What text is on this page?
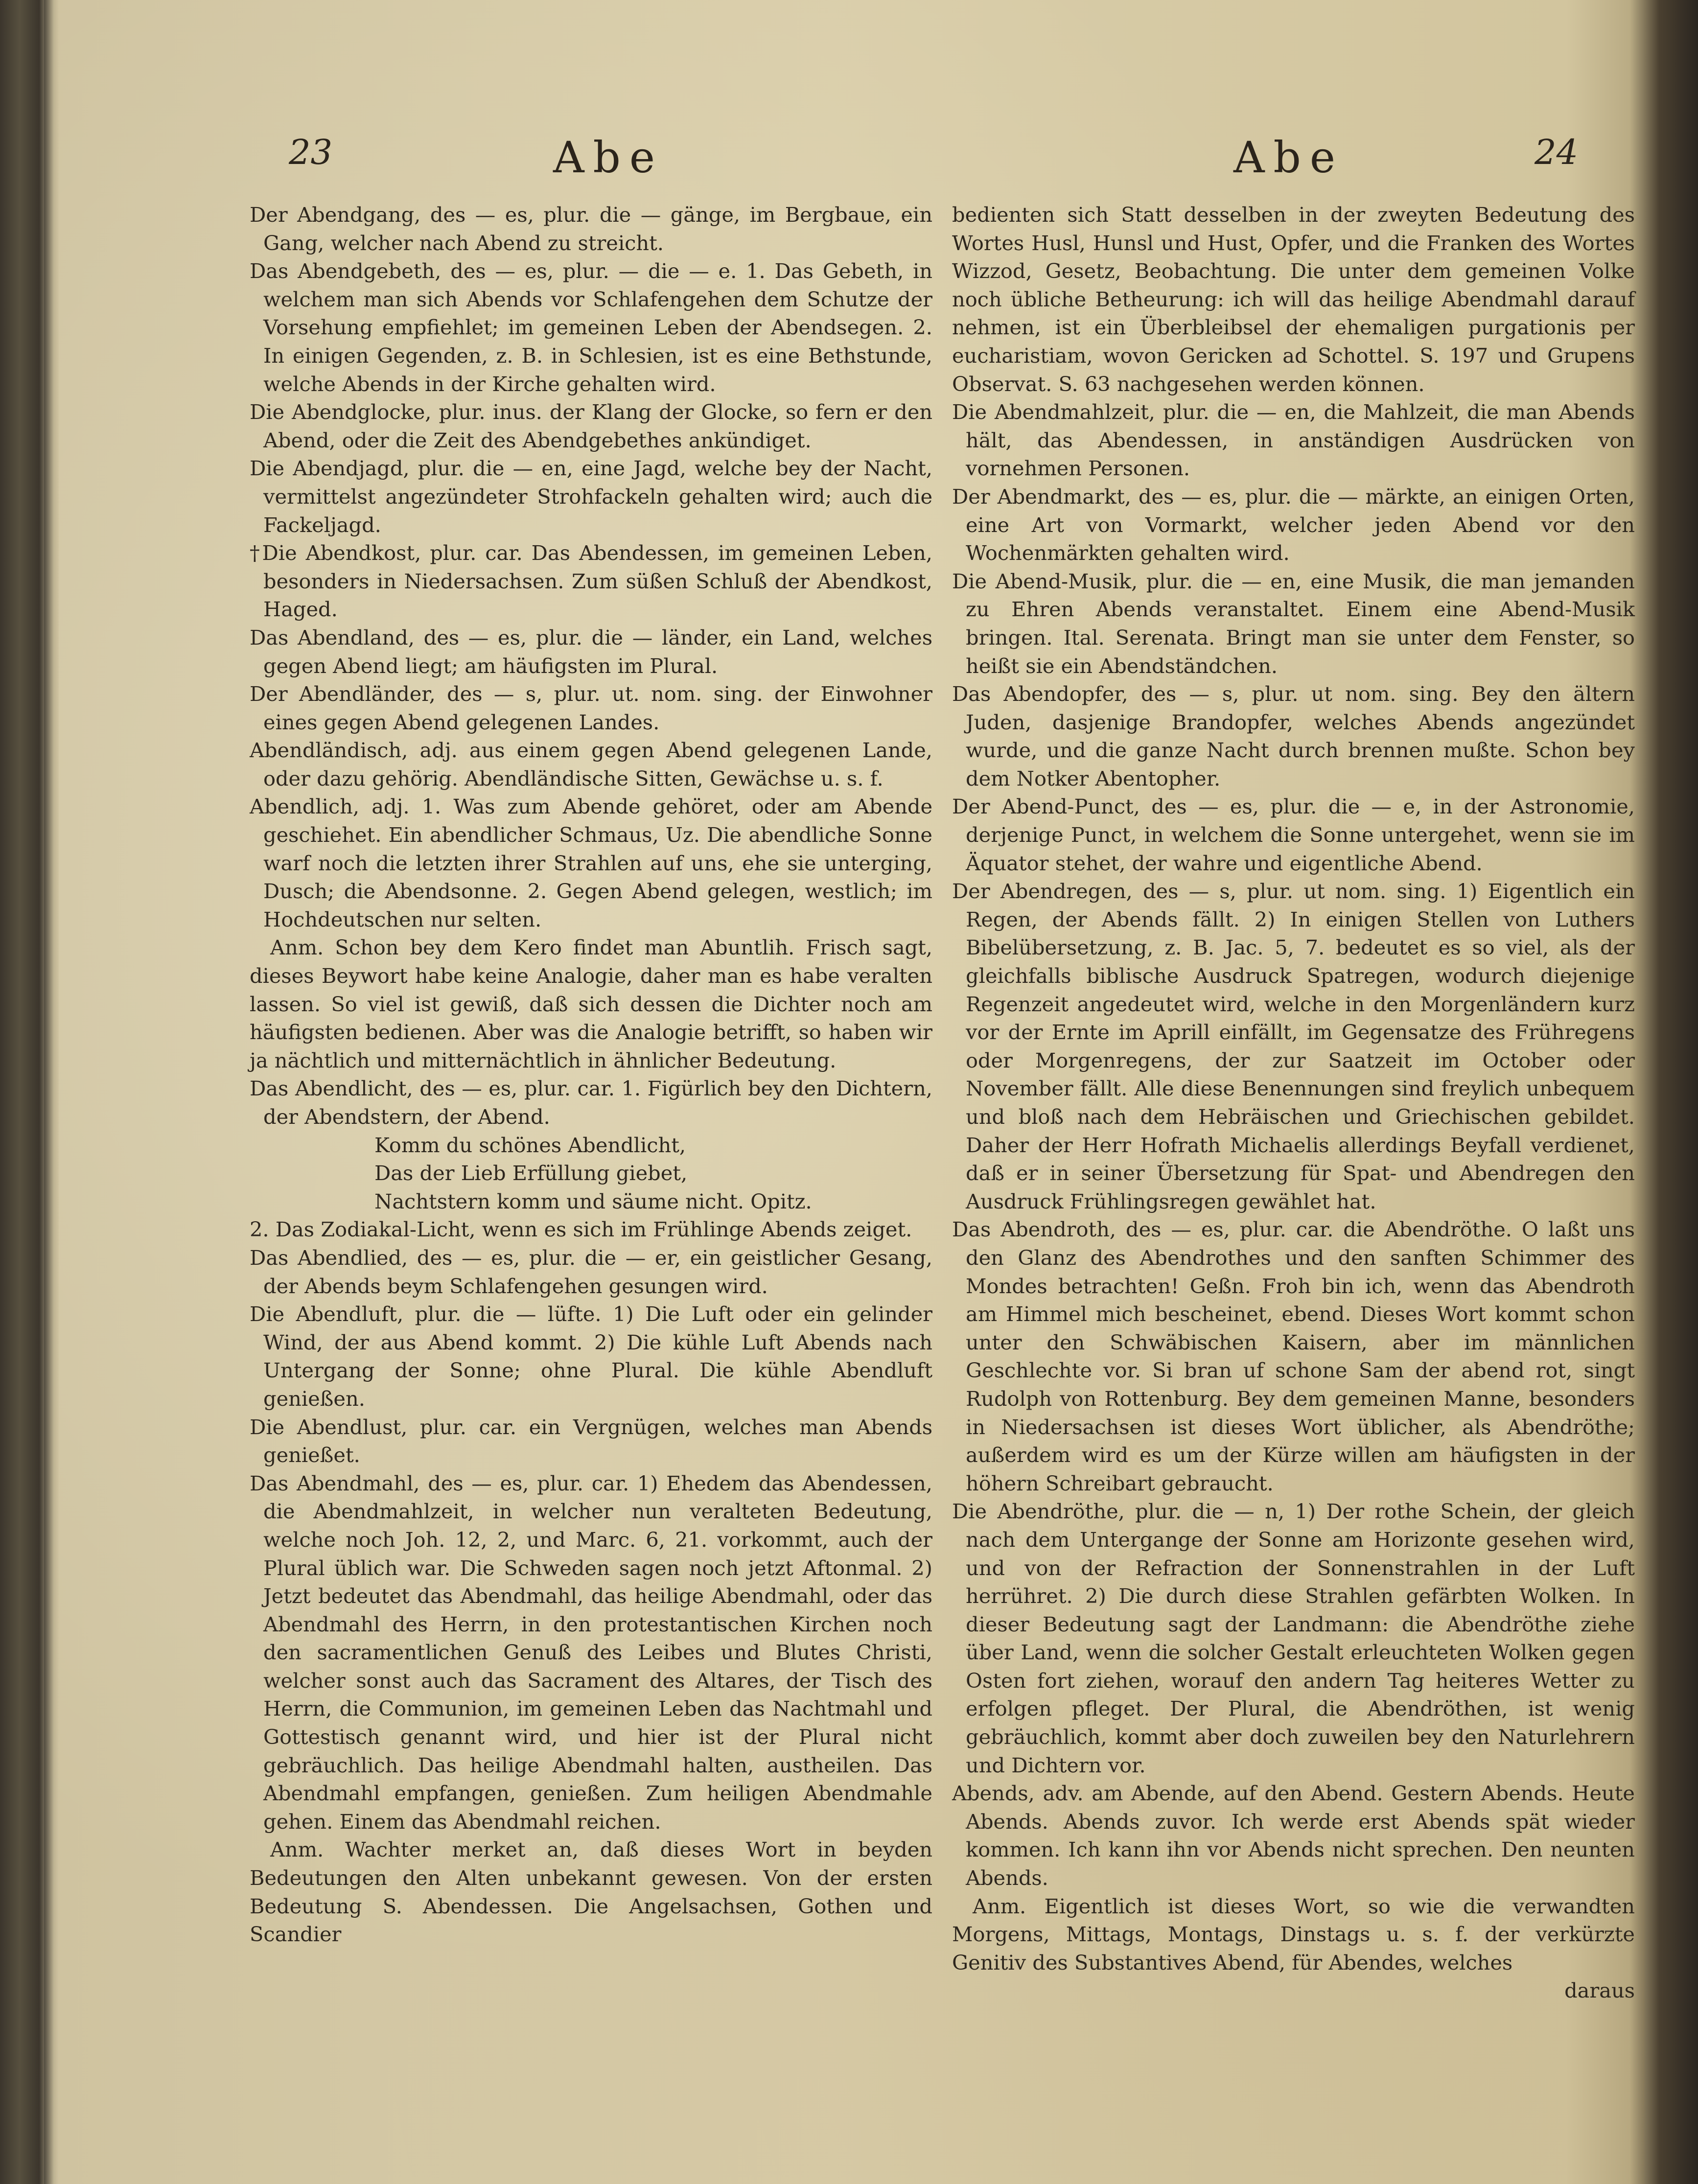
23	Abe	Abe	24

Der Abendgang, des — es, plur. die — gänge, im Bergbaue, ein Gang, welcher nach Abend zu streicht.

Das Abendgebeth, des — es, plur. — die — e. 1. Das Gebeth, in welchem man sich Abends vor Schlafengehen dem Schutze der Vorsehung empfiehlet; im gemeinen Leben der Abendsegen. 2. In einigen Gegenden, z. B. in Schlesien, ist es eine Bethstunde, welche Abends in der Kirche gehalten wird.

Die Abendglocke, plur. inus. der Klang der Glocke, so fern er den Abend, oder die Zeit des Abendgebethes ankündiget.

Die Abendjagd, plur. die — en, eine Jagd, welche bey der Nacht, vermittelst angezündeter Strohfackeln gehalten wird; auch die Fackeljagd.

†Die Abendkost, plur. car. Das Abendessen, im gemeinen Leben, besonders in Niedersachsen. Zum süßen Schluß der Abendkost, Haged.

Das Abendland, des — es, plur. die — länder, ein Land, welches gegen Abend liegt; am häufigsten im Plural.

Der Abendländer, des — s, plur. ut. nom. sing. der Einwohner eines gegen Abend gelegenen Landes.

Abendländisch, adj. aus einem gegen Abend gelegenen Lande, oder dazu gehörig. Abendländische Sitten, Gewächse u. s. f.

Abendlich, adj. 1. Was zum Abende gehöret, oder am Abende geschiehet. Ein abendlicher Schmaus, Uz. Die abendliche Sonne warf noch die letzten ihrer Strahlen auf uns, ehe sie unterging, Dusch; die Abendsonne. 2. Gegen Abend gelegen, westlich; im Hochdeutschen nur selten.

Anm. Schon bey dem Kero findet man Abuntlih. Frisch sagt, dieses Beywort habe keine Analogie, daher man es habe veralten lassen. So viel ist gewiß, daß sich dessen die Dichter noch am häufigsten bedienen. Aber was die Analogie betrifft, so haben wir ja nächtlich und mitternächtlich in ähnlicher Bedeutung.

Das Abendlicht, des — es, plur. car. 1. Figürlich bey den Dichtern, der Abendstern, der Abend.

Komm du schönes Abendlicht,

Das der Lieb Erfüllung giebet,

Nachtstern komm und säume nicht. Opitz.

2. Das Zodiakal-Licht, wenn es sich im Frühlinge Abends zeiget.

Das Abendlied, des — es, plur. die — er, ein geistlicher Gesang, der Abends beym Schlafengehen gesungen wird.

Die Abendluft, plur. die — lüfte. 1) Die Luft oder ein gelinder Wind, der aus Abend kommt. 2) Die kühle Luft Abends nach Untergang der Sonne; ohne Plural. Die kühle Abendluft genießen.

Die Abendlust, plur. car. ein Vergnügen, welches man Abends genießet.

Das Abendmahl, des — es, plur. car. 1) Ehedem das Abendessen, die Abendmahlzeit, in welcher nun veralteten Bedeutung, welche noch Joh. 12, 2, und Marc. 6, 21. vorkommt, auch der Plural üblich war. Die Schweden sagen noch jetzt Aftonmal. 2) Jetzt bedeutet das Abendmahl, das heilige Abendmahl, oder das Abendmahl des Herrn, in den protestantischen Kirchen noch den sacramentlichen Genuß des Leibes und Blutes Christi, welcher sonst auch das Sacrament des Altares, der Tisch des Herrn, die Communion, im gemeinen Leben das Nachtmahl und Gottestisch genannt wird, und hier ist der Plural nicht gebräuchlich. Das heilige Abendmahl halten, austheilen. Das Abendmahl empfangen, genießen. Zum heiligen Abendmahle gehen. Einem das Abendmahl reichen.

Anm. Wachter merket an, daß dieses Wort in beyden Bedeutungen den Alten unbekannt gewesen. Von der ersten Bedeutung S. Abendessen. Die Angelsachsen, Gothen und Scandier

bedienten sich Statt desselben in der zweyten Bedeutung des Wortes Husl, Hunsl und Hust, Opfer, und die Franken des Wortes Wizzod, Gesetz, Beobachtung. Die unter dem gemeinen Volke noch übliche Betheurung: ich will das heilige Abendmahl darauf nehmen, ist ein Überbleibsel der ehemaligen purgationis per eucharistiam, wovon Gericken ad Schottel. S. 197 und Grupens Observat. S. 63 nachgesehen werden können.

Die Abendmahlzeit, plur. die — en, die Mahlzeit, die man Abends hält, das Abendessen, in anständigen Ausdrücken von vornehmen Personen.

Der Abendmarkt, des — es, plur. die — märkte, an einigen Orten, eine Art von Vormarkt, welcher jeden Abend vor den Wochenmärkten gehalten wird.

Die Abend-Musik, plur. die — en, eine Musik, die man jemanden zu Ehren Abends veranstaltet. Einem eine Abend-Musik bringen. Ital. Serenata. Bringt man sie unter dem Fenster, so heißt sie ein Abendständchen.

Das Abendopfer, des — s, plur. ut nom. sing. Bey den ältern Juden, dasjenige Brandopfer, welches Abends angezündet wurde, und die ganze Nacht durch brennen mußte. Schon bey dem Notker Abentopher.

Der Abend-Punct, des — es, plur. die — e, in der Astronomie, derjenige Punct, in welchem die Sonne untergehet, wenn sie im Äquator stehet, der wahre und eigentliche Abend.

Der Abendregen, des — s, plur. ut nom. sing. 1) Eigentlich ein Regen, der Abends fällt. 2) In einigen Stellen von Luthers Bibelübersetzung, z. B. Jac. 5, 7. bedeutet es so viel, als der gleichfalls biblische Ausdruck Spatregen, wodurch diejenige Regenzeit angedeutet wird, welche in den Morgenländern kurz vor der Ernte im Aprill einfällt, im Gegensatze des Frühregens oder Morgenregens, der zur Saatzeit im October oder November fällt. Alle diese Benennungen sind freylich unbequem und bloß nach dem Hebräischen und Griechischen gebildet. Daher der Herr Hofrath Michaelis allerdings Beyfall verdienet, daß er in seiner Übersetzung für Spat- und Abendregen den Ausdruck Frühlingsregen gewählet hat.

Das Abendroth, des — es, plur. car. die Abendröthe. O laßt uns den Glanz des Abendrothes und den sanften Schimmer des Mondes betrachten! Geßn. Froh bin ich, wenn das Abendroth am Himmel mich bescheinet, ebend. Dieses Wort kommt schon unter den Schwäbischen Kaisern, aber im männlichen Geschlechte vor. Si bran uf schone Sam der abend rot, singt Rudolph von Rottenburg. Bey dem gemeinen Manne, besonders in Niedersachsen ist dieses Wort üblicher, als Abendröthe; außerdem wird es um der Kürze willen am häufigsten in der höhern Schreibart gebraucht.

Die Abendröthe, plur. die — n, 1) Der rothe Schein, der gleich nach dem Untergange der Sonne am Horizonte gesehen wird, und von der Refraction der Sonnenstrahlen in der Luft herrühret. 2) Die durch diese Strahlen gefärbten Wolken. In dieser Bedeutung sagt der Landmann: die Abendröthe ziehe über Land, wenn die solcher Gestalt erleuchteten Wolken gegen Osten fort ziehen, worauf den andern Tag heiteres Wetter zu erfolgen pfleget. Der Plural, die Abendröthen, ist wenig gebräuchlich, kommt aber doch zuweilen bey den Naturlehrern und Dichtern vor.

Abends, adv. am Abende, auf den Abend. Gestern Abends. Heute Abends. Abends zuvor. Ich werde erst Abends spät wieder kommen. Ich kann ihn vor Abends nicht sprechen. Den neunten Abends.

Anm. Eigentlich ist dieses Wort, so wie die verwandten Morgens, Mittags, Montags, Dinstags u. s. f. der verkürzte Genitiv des Substantives Abend, für Abendes, welches

daraus
